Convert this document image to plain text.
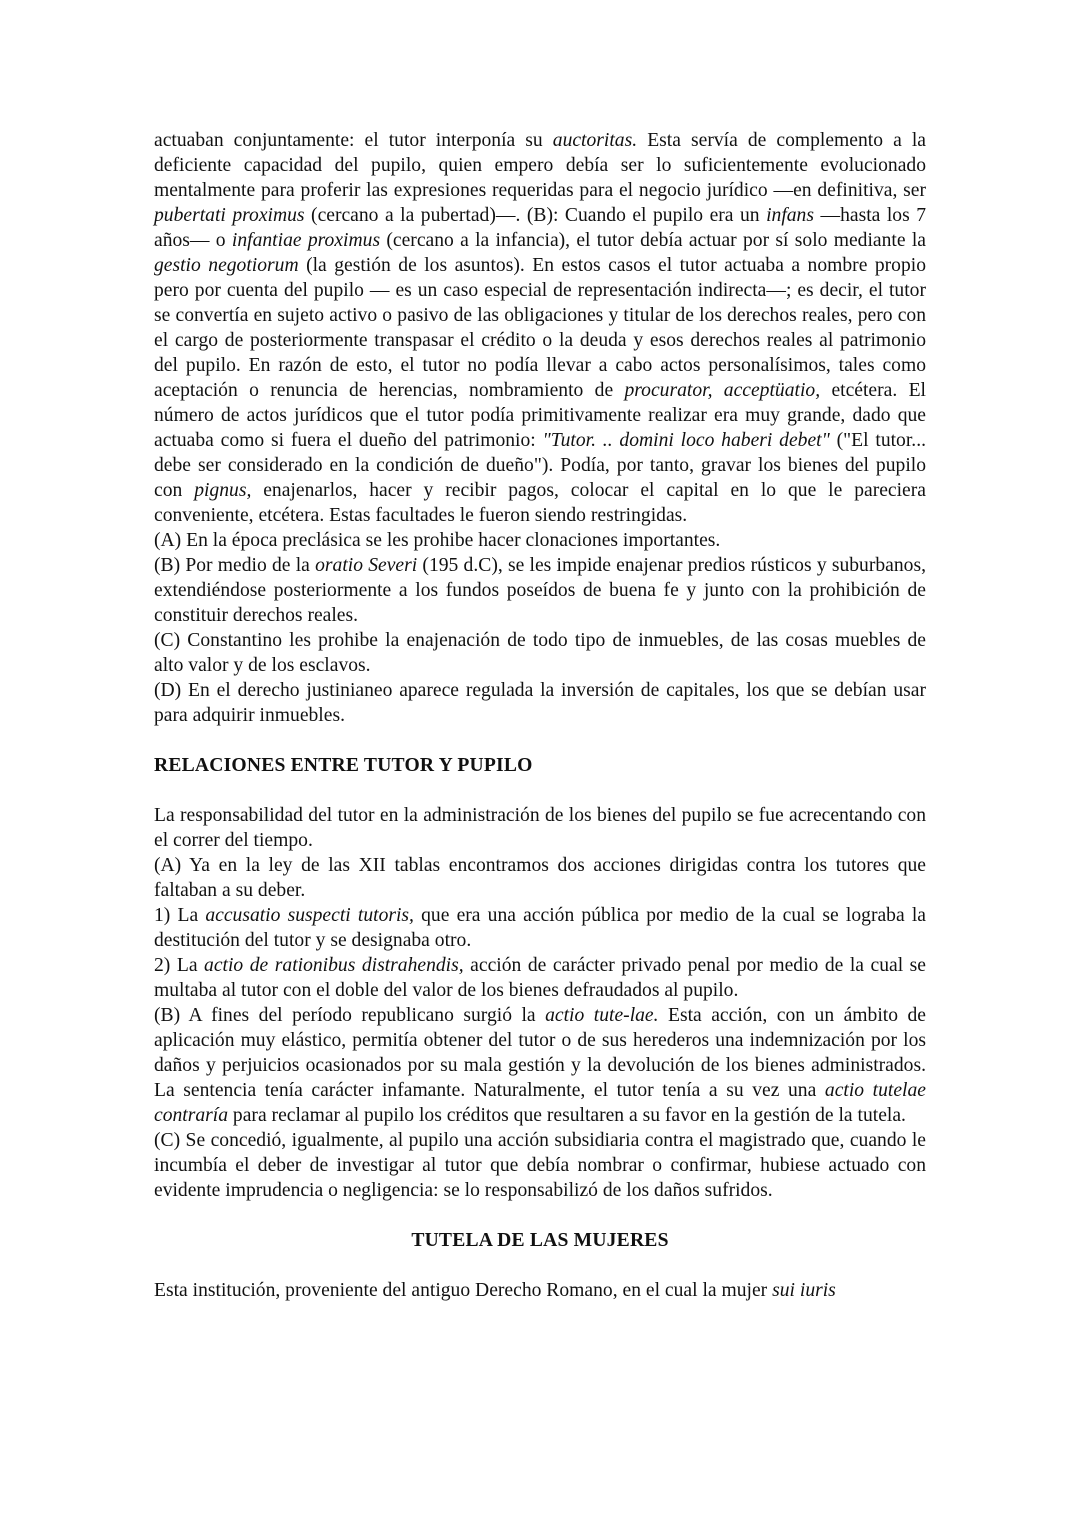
actuaban conjuntamente: el tutor interponía su auctoritas. Esta servía de complemento a la deficiente capacidad del pupilo, quien empero debía ser lo suficientemente evolucionado mentalmente para proferir las expresiones requeridas para el negocio jurídico —en definitiva, ser pubertati proximus (cercano a la pubertad)—. (B): Cuando el pupilo era un infans —hasta los 7 años— o infantiae proximus (cercano a la infancia), el tutor debía actuar por sí solo mediante la gestio negotiorum (la gestión de los asuntos). En estos casos el tutor actuaba a nombre propio pero por cuenta del pupilo — es un caso especial de representación indirecta—; es decir, el tutor se convertía en sujeto activo o pasivo de las obligaciones y titular de los derechos reales, pero con el cargo de posteriormente transpasar el crédito o la deuda y esos derechos reales al patrimonio del pupilo. En razón de esto, el tutor no podía llevar a cabo actos personalísimos, tales como aceptación o renuncia de herencias, nombramiento de procurator, acceptüatio, etcétera. El número de actos jurídicos que el tutor podía primitivamente realizar era muy grande, dado que actuaba como si fuera el dueño del patrimonio: "Tutor. .. domini loco haberi debet" ("El tutor... debe ser considerado en la condición de dueño"). Podía, por tanto, gravar los bienes del pupilo con pignus, enajenarlos, hacer y recibir pagos, colocar el capital en lo que le pareciera conveniente, etcétera. Estas facultades le fueron siendo restringidas.

(A) En la época preclásica se les prohibe hacer clonaciones importantes.

(B) Por medio de la oratio Severi (195 d.C), se les impide enajenar predios rústicos y suburbanos, extendiéndose posteriormente a los fundos poseídos de buena fe y junto con la prohibición de constituir derechos reales.

(C) Constantino les prohibe la enajenación de todo tipo de inmuebles, de las cosas muebles de alto valor y de los esclavos.

(D) En el derecho justinianeo aparece regulada la inversión de capitales, los que se debían usar para adquirir inmuebles.

RELACIONES ENTRE TUTOR Y PUPILO

La responsabilidad del tutor en la administración de los bienes del pupilo se fue acrecentando con el correr del tiempo.

(A) Ya en la ley de las XII tablas encontramos dos acciones dirigidas contra los tutores que faltaban a su deber.

1) La accusatio suspecti tutoris, que era una acción pública por medio de la cual se lograba la destitución del tutor y se designaba otro.

2) La actio de rationibus distrahendis, acción de carácter privado penal por medio de la cual se multaba al tutor con el doble del valor de los bienes defraudados al pupilo.

(B) A fines del período republicano surgió la actio tute-lae. Esta acción, con un ámbito de aplicación muy elástico, permitía obtener del tutor o de sus herederos una indemnización por los daños y perjuicios ocasionados por su mala gestión y la devolución de los bienes administrados. La sentencia tenía carácter infamante. Naturalmente, el tutor tenía a su vez una actio tutelae contraría para reclamar al pupilo los créditos que resultaren a su favor en la gestión de la tutela.

(C) Se concedió, igualmente, al pupilo una acción subsidiaria contra el magistrado que, cuando le incumbía el deber de investigar al tutor que debía nombrar o confirmar, hubiese actuado con evidente imprudencia o negligencia: se lo responsabilizó de los daños sufridos.

TUTELA DE LAS MUJERES

Esta institución, proveniente del antiguo Derecho Romano, en el cual la mujer sui iuris
